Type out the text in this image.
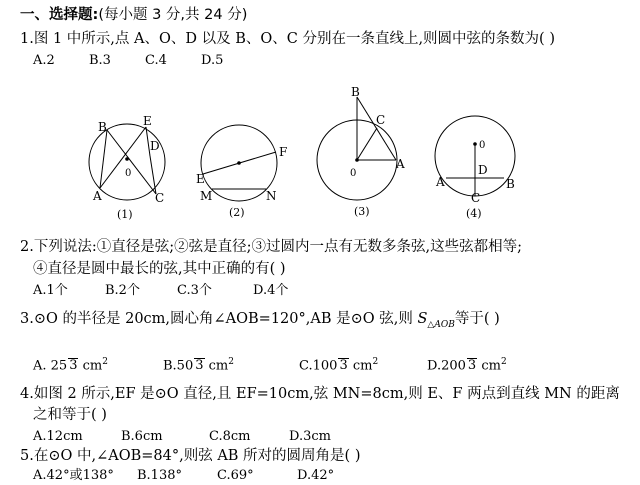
一、选择题:(每小题 3 分,共 24 分)
1.图 1 中所示,点 A、O、D 以及 B、O、C 分别在一条直线上,则圆中弦的条数为( )
A.2	B.3	C.4	D.5
B	E
D
0
A	C
(1)
F
E
M	N
(2)
B
C
0
A
(3)
0
D
A	B
C
(4)
2.下列说法:①直径是弦;②弦是直径;③过圆内一点有无数多条弦,这些弦都相等;
④直径是圆中最长的弦,其中正确的有( )
A.1个	B.2个	C.3个	D.4个
3.⊙O 的半径是 20cm,圆心角∠AOB=120°,AB 是⊙O 弦,则 $S_{\triangle AOB}$等于( )
A. 25 3 $cm^2$	B.50 3 $cm^2$	C.100 3 $cm^2$	D.200 3 $cm^2$
4.如图 2 所示,EF 是⊙O 直径,且 EF=10cm,弦 MN=8cm,则 E、F 两点到直线 MN 的距离
之和等于( )
A.12cm	B.6cm	C.8cm	D.3cm
5.在⊙O 中,∠AOB=84°,则弦 AB 所对的圆周角是( )
A.42°或138° B.138°	C.69°	D.42°
